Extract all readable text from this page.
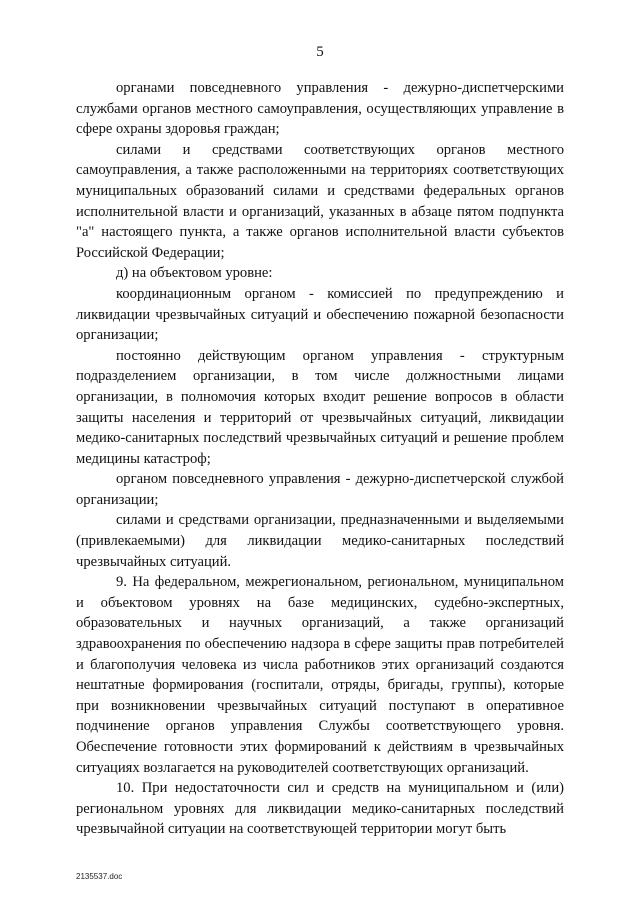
5

органами повседневного управления - дежурно-диспетчерскими службами органов местного самоуправления, осуществляющих управление в сфере охраны здоровья граждан;

силами и средствами соответствующих органов местного самоуправления, а также расположенными на территориях соответствующих муниципальных образований силами и средствами федеральных органов исполнительной власти и организаций, указанных в абзаце пятом подпункта "а" настоящего пункта, а также органов исполнительной власти субъектов Российской Федерации;

д) на объектовом уровне:

координационным органом - комиссией по предупреждению и ликвидации чрезвычайных ситуаций и обеспечению пожарной безопасности организации;

постоянно действующим органом управления - структурным подразделением организации, в том числе должностными лицами организации, в полномочия которых входит решение вопросов в области защиты населения и территорий от чрезвычайных ситуаций, ликвидации медико-санитарных последствий чрезвычайных ситуаций и решение проблем медицины катастроф;

органом повседневного управления - дежурно-диспетчерской службой организации;

силами и средствами организации, предназначенными и выделяемыми (привлекаемыми) для ликвидации медико-санитарных последствий чрезвычайных ситуаций.

9. На федеральном, межрегиональном, региональном, муниципальном и объектовом уровнях на базе медицинских, судебно-экспертных, образовательных и научных организаций, а также организаций здравоохранения по обеспечению надзора в сфере защиты прав потребителей и благополучия человека из числа работников этих организаций создаются нештатные формирования (госпитали, отряды, бригады, группы), которые при возникновении чрезвычайных ситуаций поступают в оперативное подчинение органов управления Службы соответствующего уровня. Обеспечение готовности этих формирований к действиям в чрезвычайных ситуациях возлагается на руководителей соответствующих организаций.

10. При недостаточности сил и средств на муниципальном и (или) региональном уровнях для ликвидации медико-санитарных последствий чрезвычайной ситуации на соответствующей территории могут быть

2135537.doc
